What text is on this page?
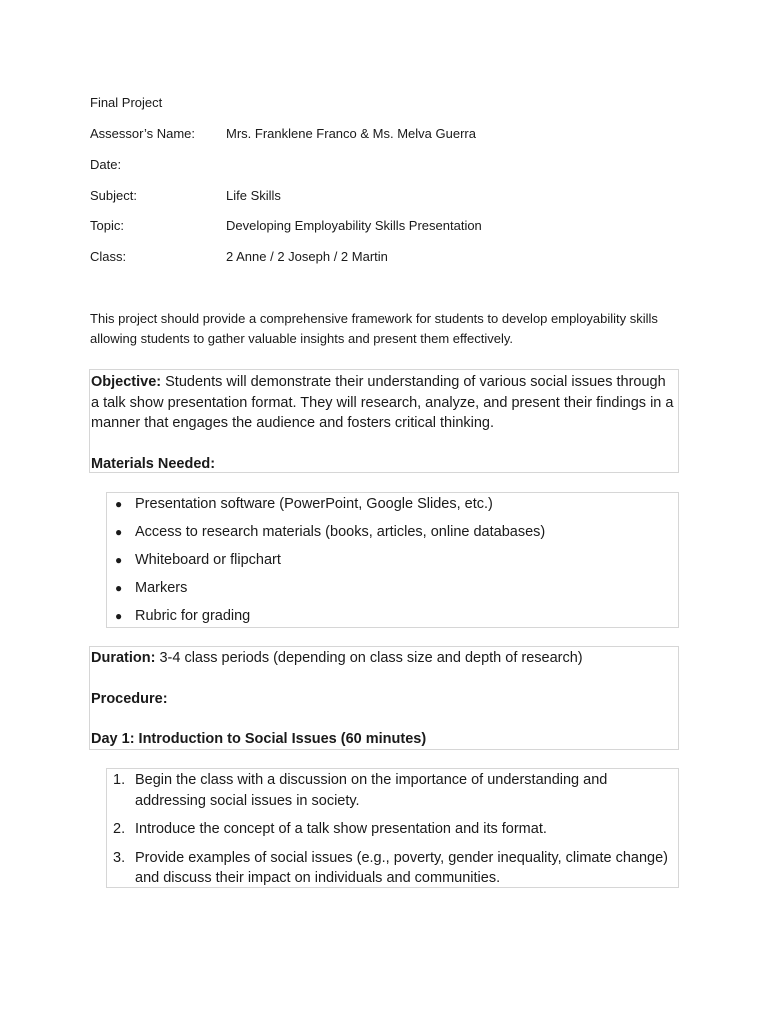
Final Project
Assessor’s Name: Mrs. Franklene Franco & Ms. Melva Guerra
Date:
Subject:	Life Skills
Topic:	Developing Employability Skills Presentation
Class:	2 Anne / 2 Joseph / 2 Martin
This project should provide a comprehensive framework for students to develop employability skills allowing students to gather valuable insights and present them effectively.
Objective: Students will demonstrate their understanding of various social issues through a talk show presentation format. They will research, analyze, and present their findings in a manner that engages the audience and fosters critical thinking.
Materials Needed:
● Presentation software (PowerPoint, Google Slides, etc.)
● Access to research materials (books, articles, online databases)
● Whiteboard or flipchart
● Markers
● Rubric for grading
Duration: 3-4 class periods (depending on class size and depth of research)
Procedure:
Day 1: Introduction to Social Issues (60 minutes)
1. Begin the class with a discussion on the importance of understanding and addressing social issues in society.
2. Introduce the concept of a talk show presentation and its format.
3. Provide examples of social issues (e.g., poverty, gender inequality, climate change) and discuss their impact on individuals and communities.
